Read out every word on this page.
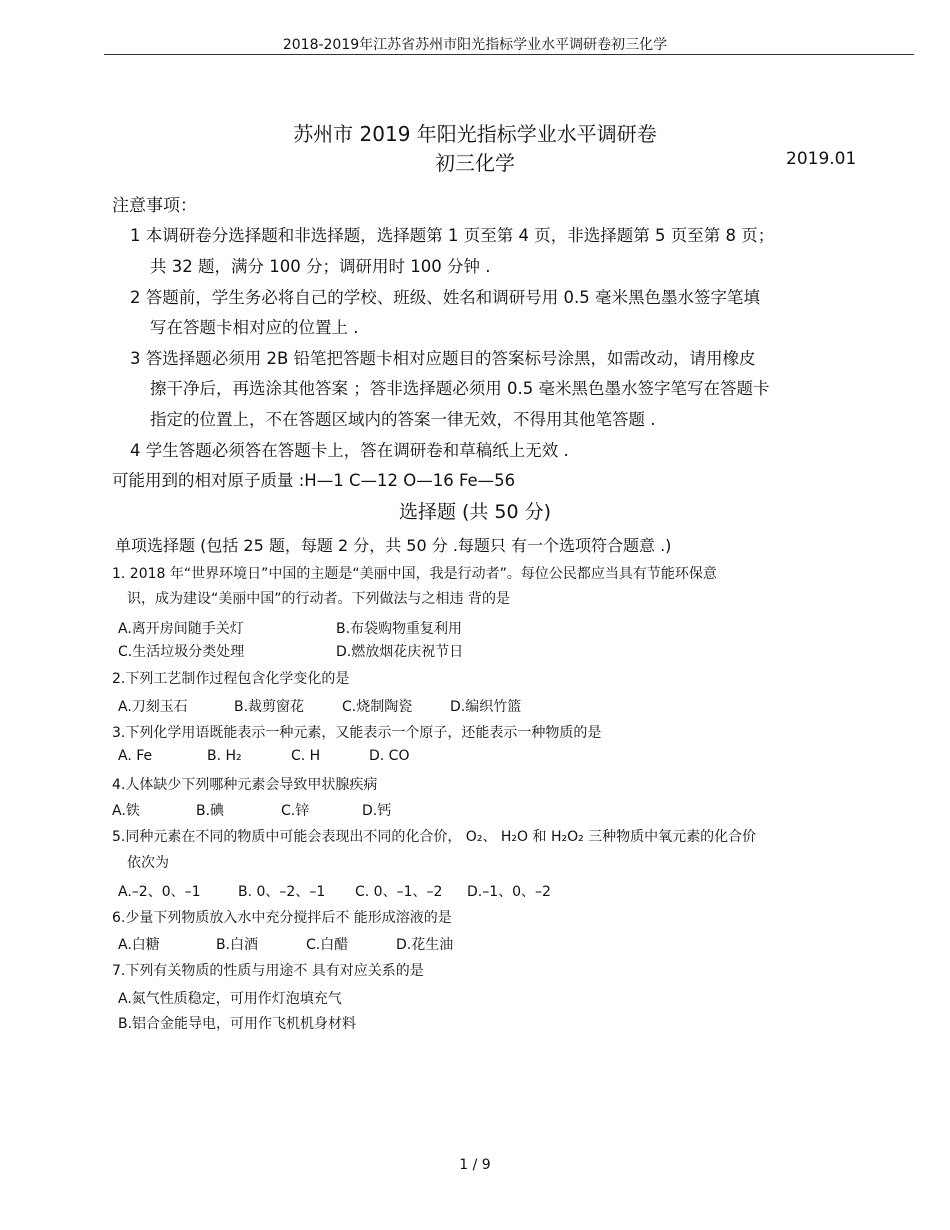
2018-2019年江苏省苏州市阳光指标学业水平调研卷初三化学
苏州市 2019 年阳光指标学业水平调研卷
初三化学	2019.01
注意事项：
1 本调研卷分选择题和非选择题，选择题第 1 页至第 4 页，非选择题第 5 页至第 8 页；
共 32 题，满分 100 分；调研用时 100 分钟 .
2 答题前，学生务必将自己的学校、班级、姓名和调研号用 0.5 毫米黑色墨水签字笔填
写在答题卡相对应的位置上 .
3 答选择题必须用 2B 铅笔把答题卡相对应题目的答案标号涂黑，如需改动，请用橡皮
擦干净后，再选涂其他答案 ；答非选择题必须用 0.5 毫米黑色墨水签字笔写在答题卡
指定的位置上，不在答题区域内的答案一律无效，不得用其他笔答题 .
4 学生答题必须答在答题卡上，答在调研卷和草稿纸上无效 .
可能用到的相对原子质量 :H—1 C—12 O—16 Fe—56
选择题 (共 50 分)
单项选择题 (包括 25 题，每题 2 分，共 50 分 .每题只 有一个选项符合题意 .)
1. 2018 年“世界环境日”中国的主题是“美丽中国，我是行动者”。每位公民都应当具有节能环保意
识，成为建设“美丽中国”的行动者。下列做法与之相违 背的是
A.离开房间随手关灯	B.布袋购物重复利用
C.生活垃圾分类处理	D.燃放烟花庆祝节日
2.下列工艺制作过程包含化学变化的是
A.刀刻玉石	B.裁剪窗花	C.烧制陶瓷	D.编织竹篮
3.下列化学用语既能表示一种元素，又能表示一个原子，还能表示一种物质的是
A. Fe	B. H₂	C. H	D. CO
4.人体缺少下列哪种元素会导致甲状腺疾病
A.铁	B.碘	C.锌	D.钙
5.同种元素在不同的物质中可能会表现出不同的化合价， O₂、 H₂O 和 H₂O₂ 三种物质中氧元素的化合价
依次为
A.–2、0、–1	B. 0、–2、–1 C. 0、–1、–2 D.–1、0、–2
6.少量下列物质放入水中充分搅拌后不 能形成溶液的是
A.白糖	B.白酒	C.白醋	D.花生油
7.下列有关物质的性质与用途不 具有对应关系的是
A.氮气性质稳定，可用作灯泡填充气
B.铝合金能导电，可用作飞机机身材料
1 / 9
